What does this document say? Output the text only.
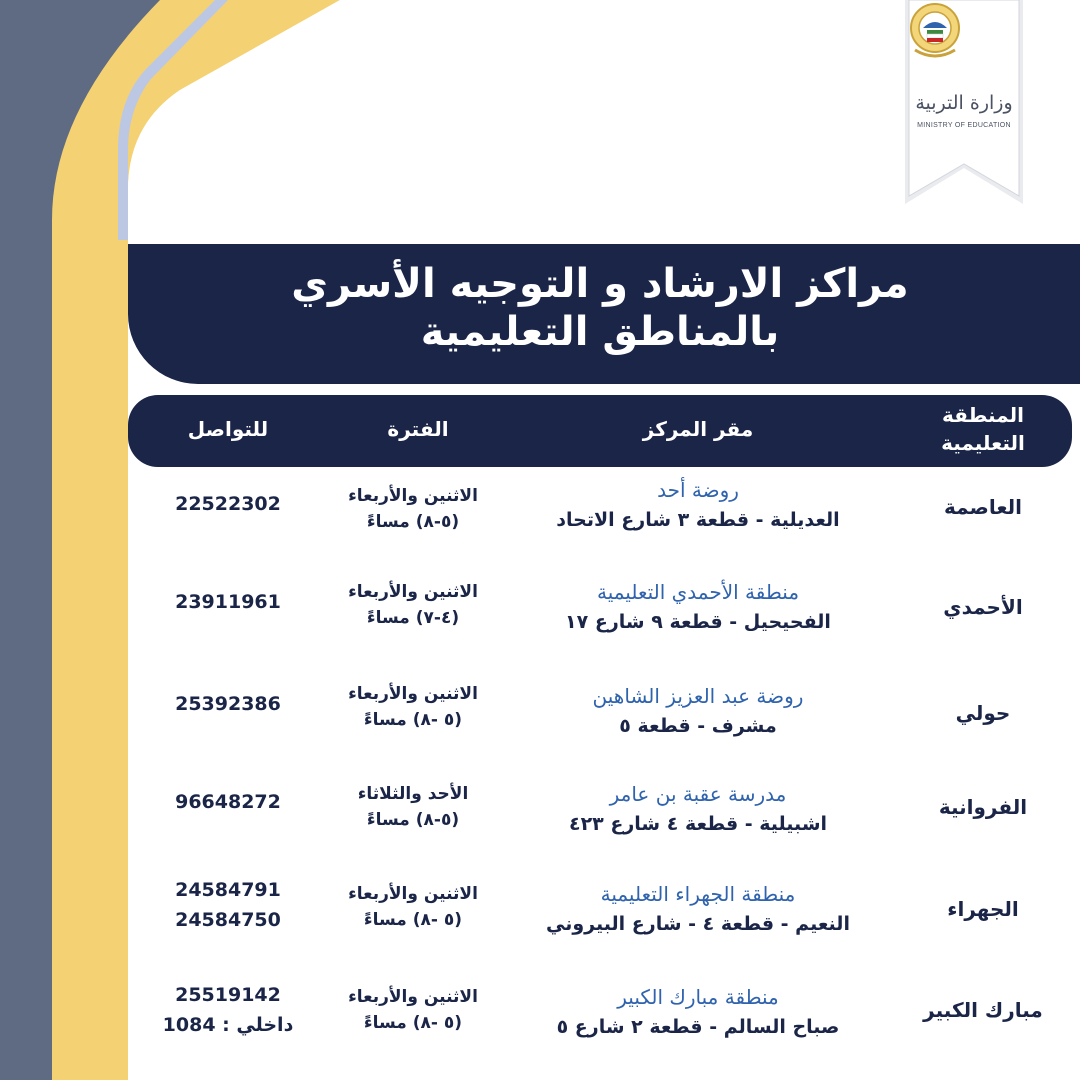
وزارة التربية
MINISTRY OF EDUCATION
مراكز الارشاد و التوجيه الأسري
بالمناطق التعليمية
المنطقة
التعليمية
مقر المركز
الفترة
للتواصل
العاصمة
روضة أحد
العديلية - قطعة ٣ شارع الاتحاد
الاثنين والأربعاء
(٥-٨) مساءً
22522302
الأحمدي
منطقة الأحمدي التعليمية
الفحيحيل - قطعة ٩ شارع ١٧
الاثنين والأربعاء
(٤-٧) مساءً
23911961
حولي
روضة عبد العزيز الشاهين
مشرف - قطعة ٥
الاثنين والأربعاء
(٥ -٨) مساءً
25392386
الفروانية
مدرسة عقبة بن عامر
اشبيلية - قطعة ٤ شارع ٤٢٣
الأحد والثلاثاء
(٥-٨) مساءً
96648272
الجهراء
منطقة الجهراء التعليمية
النعيم - قطعة ٤ - شارع البيروني
الاثنين والأربعاء
(٥ -٨) مساءً
24584791
24584750
مبارك الكبير
منطقة مبارك الكبير
صباح السالم - قطعة ٢ شارع ٥
الاثنين والأربعاء
(٥ -٨) مساءً
25519142
داخلي : 1084
